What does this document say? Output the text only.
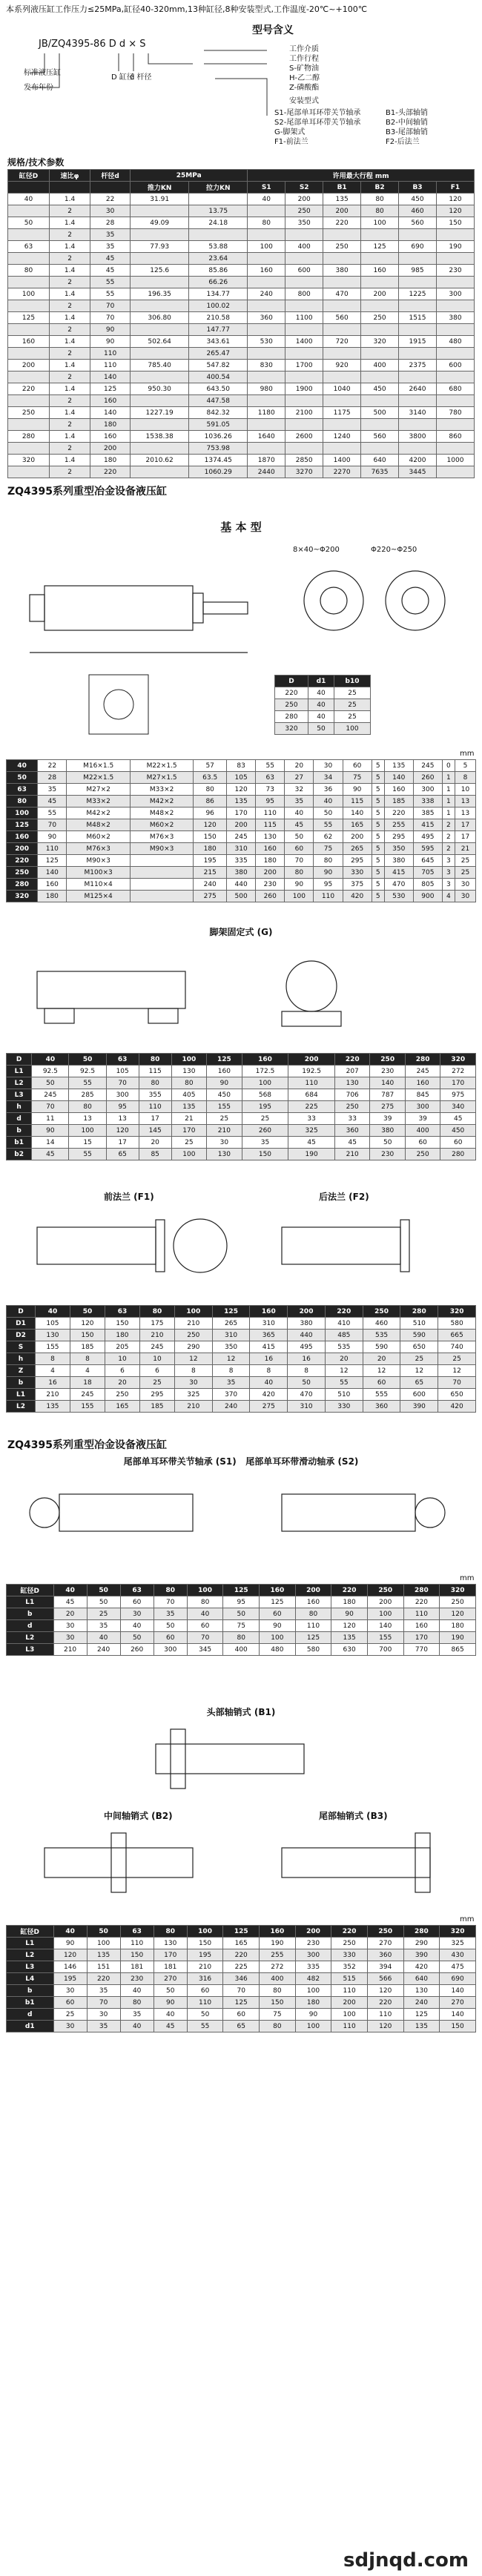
本系列液压缸工作压力≤25MPa,缸径40-320mm,13种缸径,8种安装型式,工作温度-20℃~+100℃
型号含义
JB/ZQ4395-86 D d × S
标准液压缸
发布年份
D 缸径
d 杆径
工作介质
工作行程
S-矿物油
H-乙二醇
Z-磷酸酯
安装型式
S1-尾部单耳环带关节轴承	B1-头部轴销
S2-尾部单耳环带关节轴承	B2-中间轴销
G-脚架式	B3-尾部轴销
F1-前法兰	F2-后法兰
规格/技术参数
缸径D	速比φ	杆径d	25MPa		许用最大行程 mm					
			推力KN	拉力KN	S1	S2	B1	B2	B3	F1
40	1.4	22	31.91		40	200	135	80	450	120
	2	30		13.75		250	200	80	460	120
50	1.4	28	49.09	24.18	80	350	220	100	560	150
	2	35								
63	1.4	35	77.93	53.88	100	400	250	125	690	190
	2	45		23.64						
80	1.4	45	125.6	85.86	160	600	380	160	985	230
	2	55		66.26						
100	1.4	55	196.35	134.77	240	800	470	200	1225	300
	2	70		100.02						
125	1.4	70	306.80	210.58	360	1100	560	250	1515	380
	2	90		147.77						
160	1.4	90	502.64	343.61	530	1400	720	320	1915	480
	2	110		265.47						
200	1.4	110	785.40	547.82	830	1700	920	400	2375	600
	2	140		400.54						
220	1.4	125	950.30	643.50	980	1900	1040	450	2640	680
	2	160		447.58						
250	1.4	140	1227.19	842.32	1180	2100	1175	500	3140	780
	2	180		591.05						
280	1.4	160	1538.38	1036.26	1640	2600	1240	560	3800	860
	2	200		753.98						
320	1.4	180	2010.62	1374.45	1870	2850	1400	640	4200	1000
	2	220		1060.29	2440	3270	2270	7635	3445	
ZQ4395系列重型冶金设备液压缸
基 本 型
8×40~Φ200	Φ220~Φ250
D	d1	b10
220	40	25
250	40	25
280	40	25
320	50	100
mm
40	22	M16×1.5	M22×1.5	57	83	55	20	30	60	5	135	245	0	5
50	28	M22×1.5	M27×1.5	63.5	105	63	27	34	75	5	140	260	1	8
63	35	M27×2	M33×2	80	120	73	32	36	90	5	160	300	1	10
80	45	M33×2	M42×2	86	135	95	35	40	115	5	185	338	1	13
100	55	M42×2	M48×2	96	170	110	40	50	140	5	220	385	1	13
125	70	M48×2	M60×2	120	200	115	45	55	165	5	255	415	2	17
160	90	M60×2	M76×3	150	245	130	50	62	200	5	295	495	2	17
200	110	M76×3	M90×3	180	310	160	60	75	265	5	350	595	2	21
220	125	M90×3		195	335	180	70	80	295	5	380	645	3	25
250	140	M100×3		215	380	200	80	90	330	5	415	705	3	25
280	160	M110×4		240	440	230	90	95	375	5	470	805	3	30
320	180	M125×4		275	500	260	100	110	420	5	530	900	4	30
脚架固定式 (G)
D	40	50	63	80	100	125	160	200	220	250	280	320
L1	92.5	92.5	105	115	130	160	172.5	192.5	207	230	245	272
L2	50	55	70	80	80	90	100	110	130	140	160	170
L3	245	285	300	355	405	450	568	684	706	787	845	975
h	70	80	95	110	135	155	195	225	250	275	300	340
d	11	13	13	17	21	25	25	33	33	39	39	45
b	90	100	120	145	170	210	260	325	360	380	400	450
b1	14	15	17	20	25	30	35	45	45	50	60	60
b2	45	55	65	85	100	130	150	190	210	230	250	280
前法兰 (F1)	后法兰 (F2)
D	40	50	63	80	100	125	160	200	220	250	280	320
D1	105	120	150	175	210	265	310	380	410	460	510	580
D2	130	150	180	210	250	310	365	440	485	535	590	665
S	155	185	205	245	290	350	415	495	535	590	650	740
h	8	8	10	10	12	12	16	16	20	20	25	25
Z	4	4	6	6	8	8	8	8	12	12	12	12
b	16	18	20	25	30	35	40	50	55	60	65	70
L1	210	245	250	295	325	370	420	470	510	555	600	650
L2	135	155	165	185	210	240	275	310	330	360	390	420
ZQ4395系列重型冶金设备液压缸
尾部单耳环带关节轴承 (S1) 尾部单耳环带滑动轴承 (S2)
mm
缸径D	40	50	63	80	100	125	160	200	220	250	280	320
L1	45	50	60	70	80	95	125	160	180	200	220	250
b	20	25	30	35	40	50	60	80	90	100	110	120
d	30	35	40	50	60	75	90	110	120	140	160	180
L2	30	40	50	60	70	80	100	125	135	155	170	190
L3	210	240	260	300	345	400	480	580	630	700	770	865
头部轴销式 (B1)
中间轴销式 (B2)	尾部轴销式 (B3)
mm
缸径D	40	50	63	80	100	125	160	200	220	250	280	320
L1	90	100	110	130	150	165	190	230	250	270	290	325
L2	120	135	150	170	195	220	255	300	330	360	390	430
L3	146	151	181	181	210	225	272	335	352	394	420	475
L4	195	220	230	270	316	346	400	482	515	566	640	690
b	30	35	40	50	60	70	80	100	110	120	130	140
b1	60	70	80	90	110	125	150	180	200	220	240	270
d	25	30	35	40	50	60	75	90	100	110	125	140
d1	30	35	40	45	55	65	80	100	110	120	135	150
sdjnqd.com
